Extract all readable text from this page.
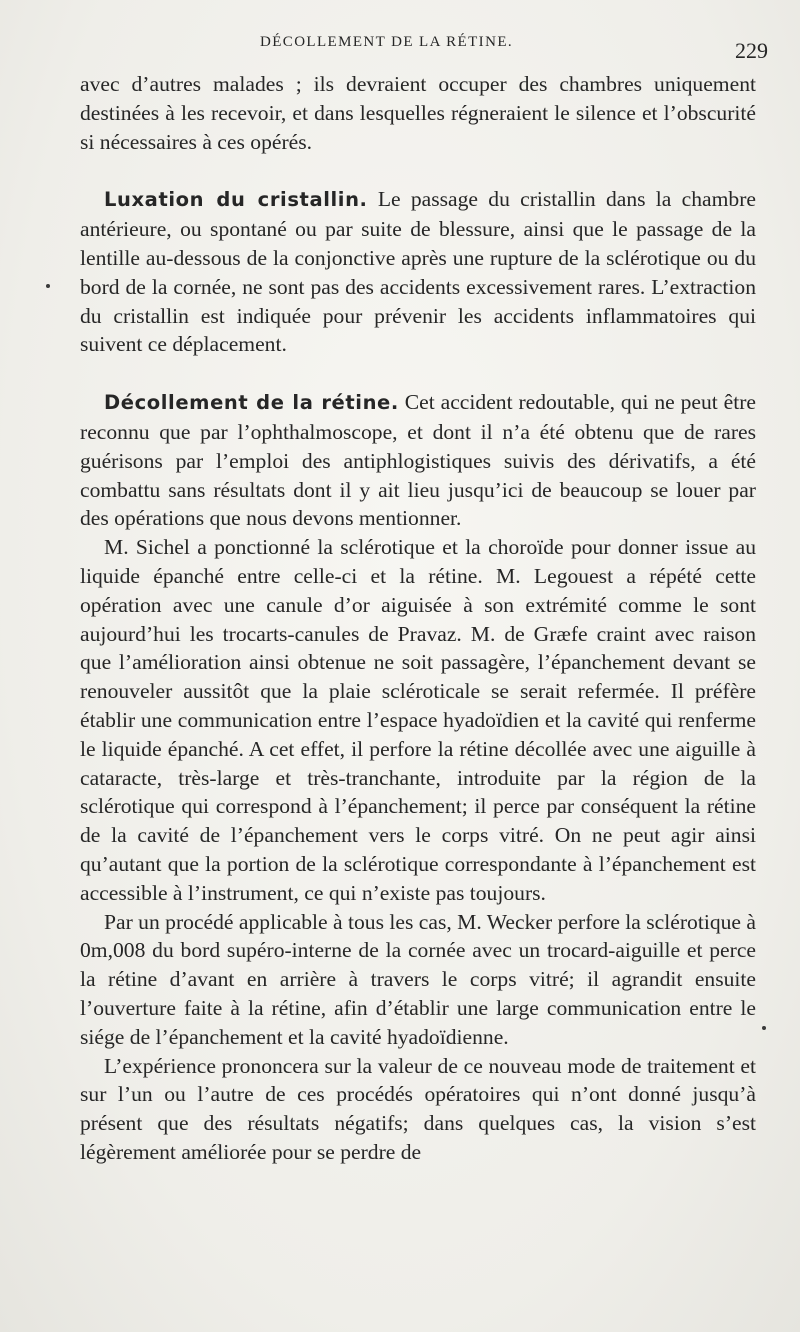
DÉCOLLEMENT DE LA RÉTINE.	229

avec d’autres malades ; ils devraient occuper des chambres uniquement destinées à les recevoir, et dans lesquelles régneraient le silence et l’obscurité si nécessaires à ces opérés.

Luxation du cristallin. Le passage du cristallin dans la chambre antérieure, ou spontané ou par suite de blessure, ainsi que le passage de la lentille au-dessous de la conjonctive après une rupture de la sclérotique ou du bord de la cornée, ne sont pas des accidents excessivement rares. L’extraction du cristallin est indiquée pour prévenir les accidents inflammatoires qui suivent ce déplacement.

Décollement de la rétine. Cet accident redoutable, qui ne peut être reconnu que par l’ophthalmoscope, et dont il n’a été obtenu que de rares guérisons par l’emploi des antiphlogistiques suivis des dérivatifs, a été combattu sans résultats dont il y ait lieu jusqu’ici de beaucoup se louer par des opérations que nous devons mentionner.

M. Sichel a ponctionné la sclérotique et la choroïde pour donner issue au liquide épanché entre celle-ci et la rétine. M. Legouest a répété cette opération avec une canule d’or aiguisée à son extrémité comme le sont aujourd’hui les trocarts-canules de Pravaz. M. de Græfe craint avec raison que l’amélioration ainsi obtenue ne soit passagère, l’épanchement devant se renouveler aussitôt que la plaie scléroticale se serait refermée. Il préfère établir une communication entre l’espace hyadoïdien et la cavité qui renferme le liquide épanché. A cet effet, il perfore la rétine décollée avec une aiguille à cataracte, très-large et très-tranchante, introduite par la région de la sclérotique qui correspond à l’épanchement; il perce par conséquent la rétine de la cavité de l’épanchement vers le corps vitré. On ne peut agir ainsi qu’autant que la portion de la sclérotique correspondante à l’épanchement est accessible à l’instrument, ce qui n’existe pas toujours.

Par un procédé applicable à tous les cas, M. Wecker perfore la sclérotique à 0m,008 du bord supéro-interne de la cornée avec un trocard-aiguille et perce la rétine d’avant en arrière à travers le corps vitré; il agrandit ensuite l’ouverture faite à la rétine, afin d’établir une large communication entre le siége de l’épanchement et la cavité hyadoïdienne.

L’expérience prononcera sur la valeur de ce nouveau mode de traitement et sur l’un ou l’autre de ces procédés opératoires qui n’ont donné jusqu’à présent que des résultats négatifs; dans quelques cas, la vision s’est légèrement améliorée pour se perdre de
